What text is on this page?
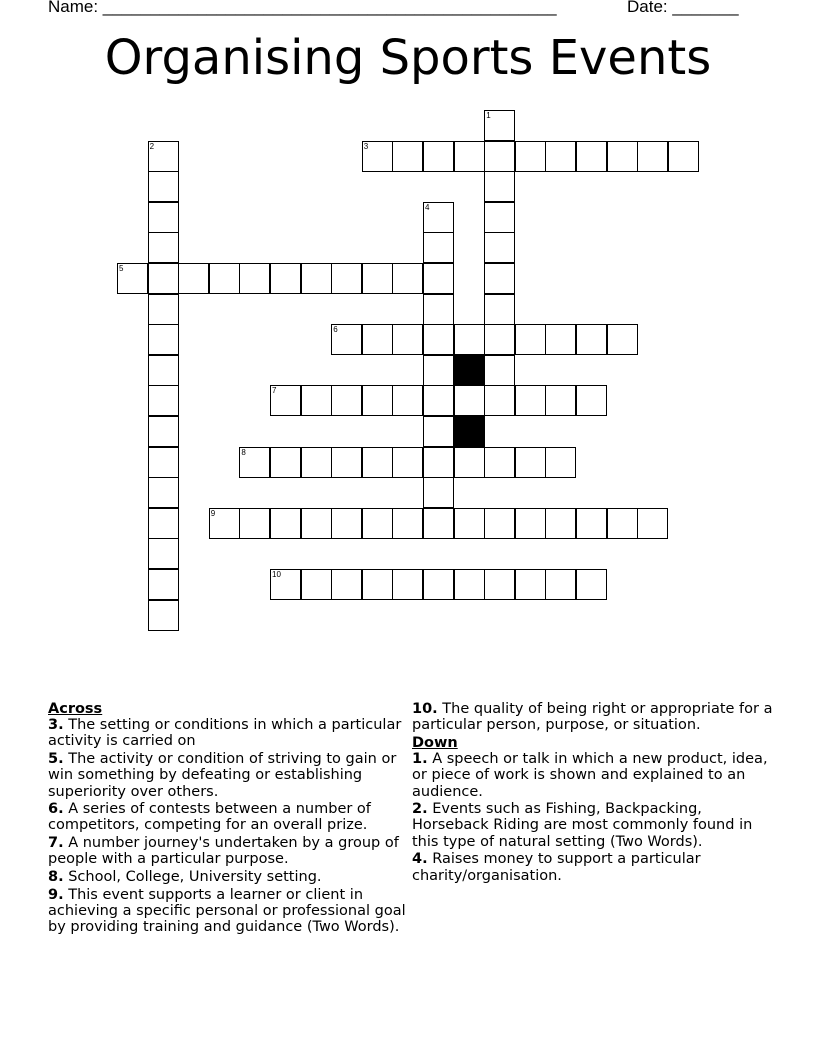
Name: ________________________________________________	Date: _______
Organising Sports Events
1
2	3
4
5
6
7
8
9
10
Across
3. The setting or conditions in which a particular activity is carried on
5. The activity or condition of striving to gain or win something by defeating or establishing superiority over others.
6. A series of contests between a number of competitors, competing for an overall prize.
7. A number journey's undertaken by a group of people with a particular purpose.
8. School, College, University setting.
9. This event supports a learner or client in achieving a specific personal or professional goal by providing training and guidance (Two Words).
10. The quality of being right or appropriate for a particular person, purpose, or situation.
Down
1. A speech or talk in which a new product, idea, or piece of work is shown and explained to an audience.
2. Events such as Fishing, Backpacking, Horseback Riding are most commonly found in this type of natural setting (Two Words).
4. Raises money to support a particular charity/organisation.
